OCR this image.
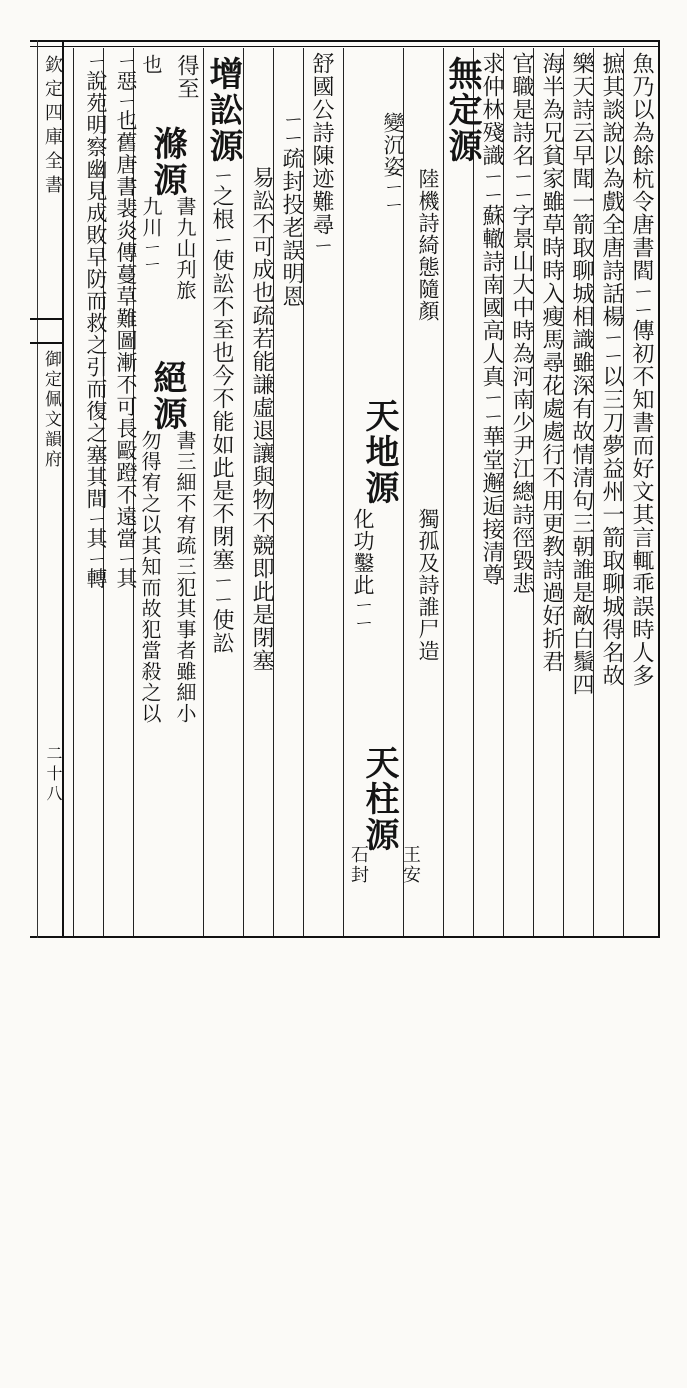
欽定四庫全書
御定佩文韻府
二十八
魚乃以為餘杭令唐書閻ㄧㄧ傳初不知書而好文其言輒乖誤時人多
摭其談說以為戲全唐詩話楊ㄧㄧ以三刀夢益州一箭取聊城得名故
樂天詩云早聞一箭取聊城相識雖深有故情清句三朝誰是敵白鬚四
海半為兄貧家雖草時時入瘦馬尋花處處行不用更教詩過好折君
官職是詩名ㄧㄧ字景山大中時為河南少尹江總詩徑毀悲
求仲林殘識ㄧㄧ蘇轍詩南國高人真ㄧㄧ華堂邂逅接清尊
無定源
陸機詩綺態隨顏
變沉姿ㄧㄧ
天地源
獨孤及詩誰尸造
化功鑿此ㄧㄧ
天柱源
王安
石封
舒國公詩陳迹難尋ㄧ
ㄧㄧ疏封投老誤明恩
增訟源
易訟不可成也疏若能謙虛退讓與物不競即此是閉塞
ㄧ之根ㄧ使訟不至也今不能如此是不閉塞ㄧㄧ使訟
得至
滌源
書九山刋旅
九川ㄧㄧ
絕源
書三細不宥疏三犯其事者雖細小
也
勿得宥之以其知而故犯當殺之以
ㄧ惡ㄧ也舊唐書裴炎傳蔓草難圖漸不可長毆蹬不遠當ㄧ其
ㄧ說苑明察幽見成敗早防而救之引而復之塞其間ㄧ其ㄧ轉
